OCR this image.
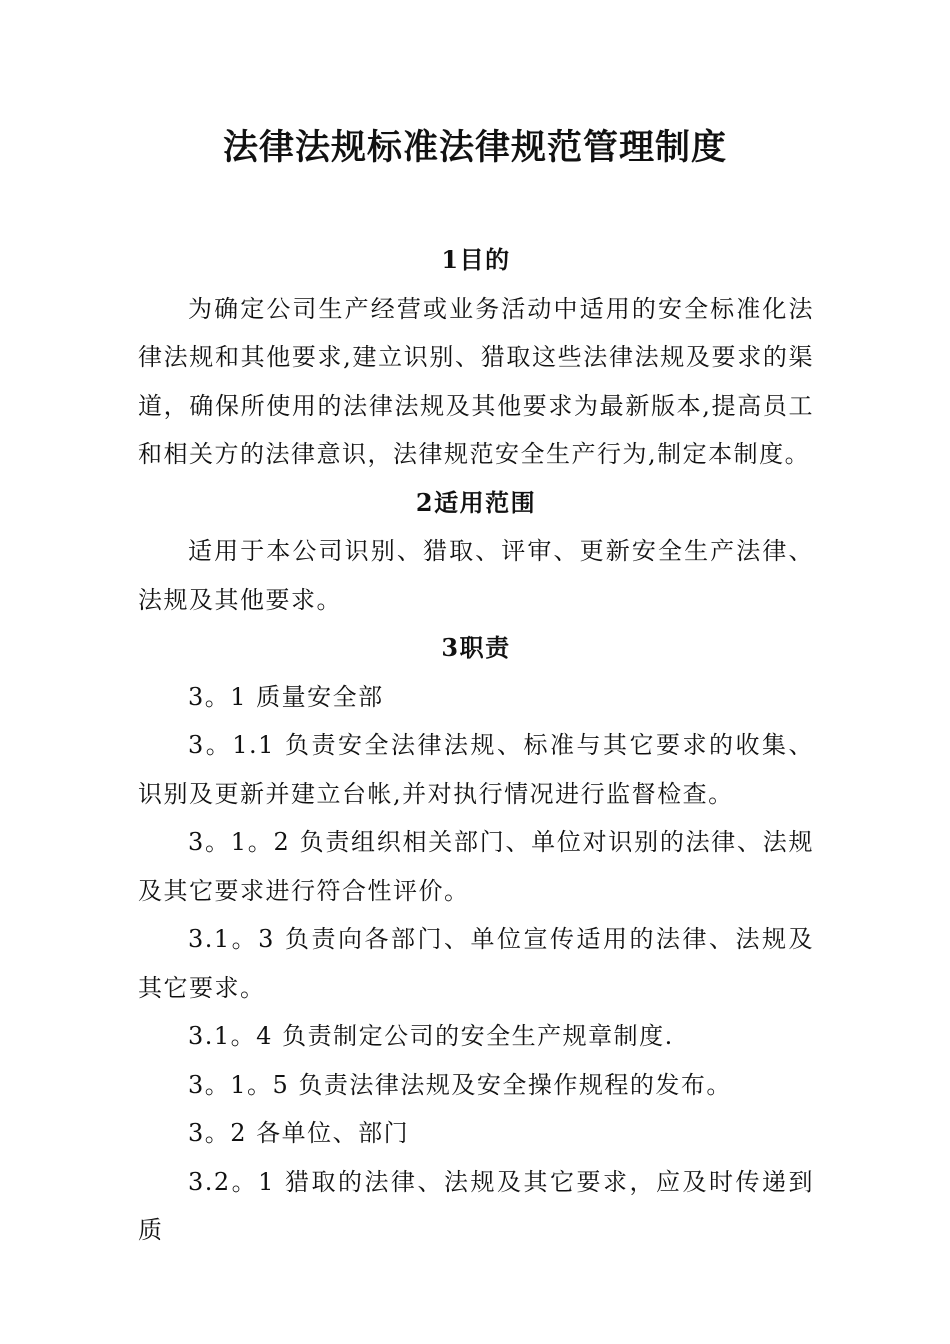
法律法规标准法律规范管理制度

1目的

为确定公司生产经营或业务活动中适用的安全标准化法律法规和其他要求,建立识别、猎取这些法律法规及要求的渠道，确保所使用的法律法规及其他要求为最新版本,提高员工和相关方的法律意识，法律规范安全生产行为,制定本制度。

2适用范围

适用于本公司识别、猎取、评审、更新安全生产法律、法规及其他要求。

3职责

3。1 质量安全部

3。1.1 负责安全法律法规、标准与其它要求的收集、识别及更新并建立台帐,并对执行情况进行监督检查。

3。1。2 负责组织相关部门、单位对识别的法律、法规及其它要求进行符合性评价。

3.1。3 负责向各部门、单位宣传适用的法律、法规及其它要求。

3.1。4 负责制定公司的安全生产规章制度.

3。1。5 负责法律法规及安全操作规程的发布。

3。2 各单位、部门

3.2。1 猎取的法律、法规及其它要求，应及时传递到质
